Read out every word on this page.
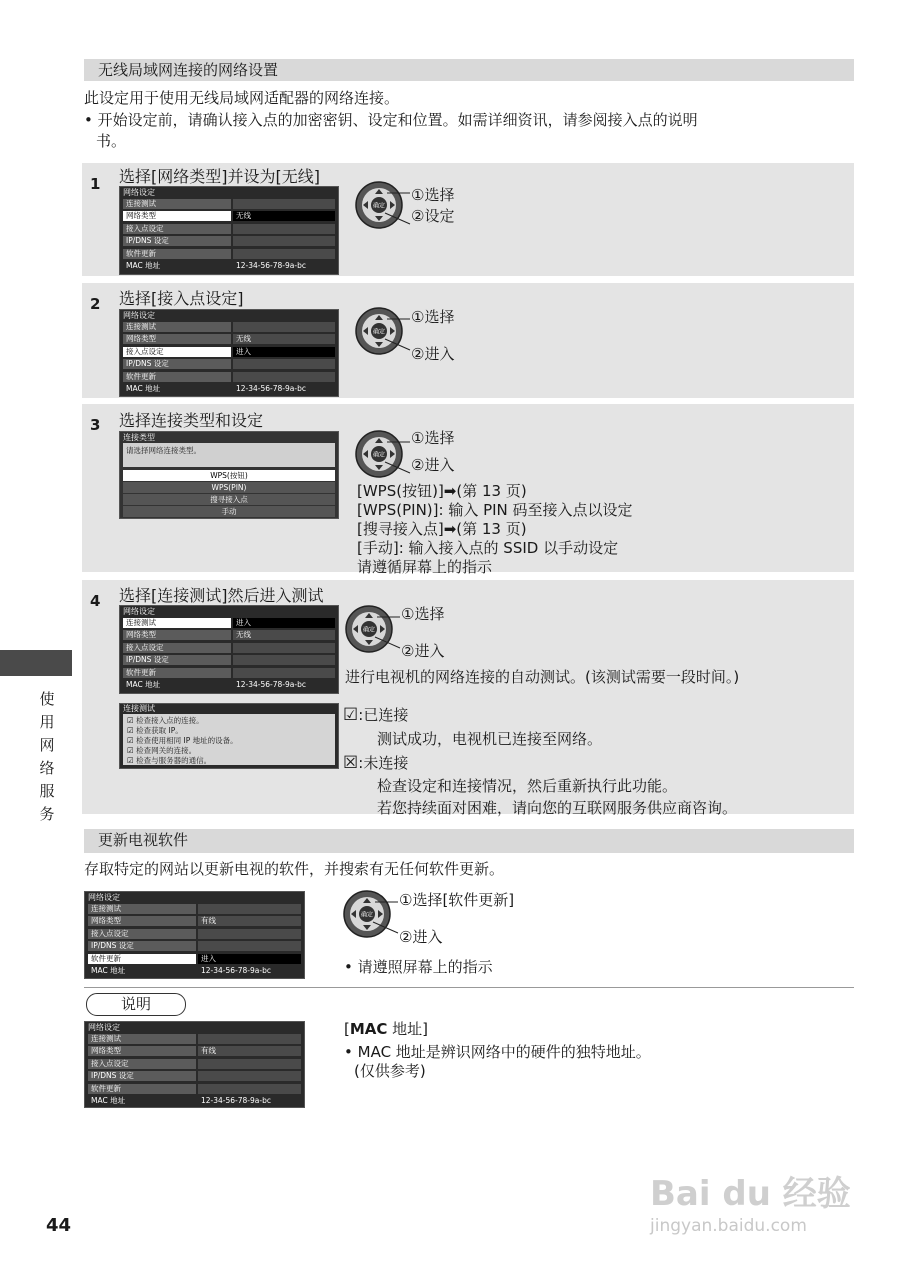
无线局域网连接的网络设置
此设定用于使用无线局域网适配器的网络连接。
• 开始设定前，请确认接入点的加密密钥、设定和位置。如需详细资讯，请参阅接入点的说明
书。
1 选择[网络类型]并设为[无线]
网络设定
连接测试
网络类型	无线
接入点设定
IP/DNS 设定
软件更新
MAC 地址	12-34-56-78-9a-bc
2 选择[接入点设定]
网络设定
连接测试
网络类型	无线
接入点设定	进入
IP/DNS 设定
软件更新
MAC 地址	12-34-56-78-9a-bc
3 选择连接类型和设定
连接类型
请选择网络连接类型。
WPS(按钮)
WPS(PIN)
搜寻接入点
手动
[WPS(按钮)]➡(第 13 页)
[WPS(PIN)]: 输入 PIN 码至接入点以设定
[搜寻接入点]➡(第 13 页)
[手动]: 输入接入点的 SSID 以手动设定
请遵循屏幕上的指示
4 选择[连接测试]然后进入测试
网络设定
连接测试	进入
网络类型	无线
接入点设定
IP/DNS 设定
软件更新
MAC 地址	12-34-56-78-9a-bc
连接测试
☑ 检查接入点的连接。
☑ 检查获取 IP。
☑ 检查使用相同 IP 地址的设备。
☑ 检查网关的连接。
☑ 检查与服务器的通信。
进行电视机的网络连接的自动测试。(该测试需要一段时间。)
☑:已连接
测试成功，电视机已连接至网络。
☒:未连接
检查设定和连接情况，然后重新执行此功能。
若您持续面对困难，请向您的互联网服务供应商咨询。
更新电视软件
存取特定的网站以更新电视的软件，并搜索有无任何软件更新。
网络设定
连接测试
网络类型	有线
接入点设定
IP/DNS 设定
软件更新	进入
MAC 地址	12-34-56-78-9a-bc	• 请遵照屏幕上的指示
说明
网络设定
连接测试
网络类型	有线
接入点设定
IP/DNS 设定
软件更新
MAC 地址	12-34-56-78-9a-bc
[MAC 地址]
• MAC 地址是辨识网络中的硬件的独特地址。
(仅供参考)
使
用
网
络
服
务
44
Bai du 经验
jingyan.baidu.com
确定
①选择
②设定
确定
①选择
②进入
确定
①选择
②进入
确定
①选择
②进入
确定
①选择[软件更新]
②进入
